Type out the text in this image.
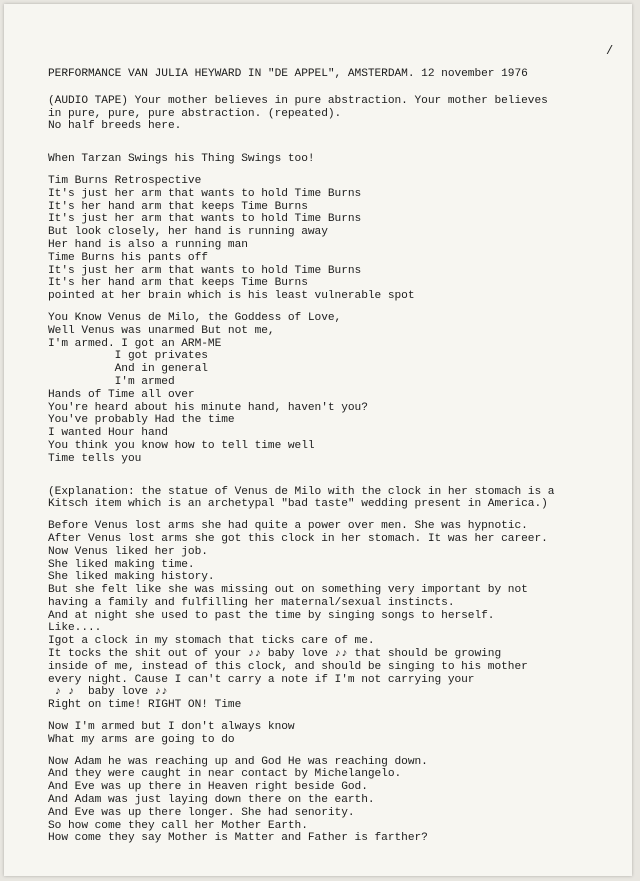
/
PERFORMANCE VAN JULIA HEYWARD IN "DE APPEL", AMSTERDAM. 12 november 1976
(AUDIO TAPE) Your mother believes in pure abstraction. Your mother believes
in pure, pure, pure abstraction. (repeated).
No half breeds here.
When Tarzan Swings his Thing Swings too!
Tim Burns Retrospective
It's just her arm that wants to hold Time Burns
It's her hand arm that keeps Time Burns
It's just her arm that wants to hold Time Burns
But look closely, her hand is running away
Her hand is also a running man
Time Burns his pants off
It's just her arm that wants to hold Time Burns
It's her hand arm that keeps Time Burns
pointed at her brain which is his least vulnerable spot
You Know Venus de Milo, the Goddess of Love,
Well Venus was unarmed But not me,
I'm armed. I got an ARM-ME
I got privates
And in general
I'm armed
Hands of Time all over
You're heard about his minute hand, haven't you?
You've probably Had the time
I wanted Hour hand
You think you know how to tell time well
Time tells you
(Explanation: the statue of Venus de Milo with the clock in her stomach is a
Kitsch item which is an archetypal "bad taste" wedding present in America.)
Before Venus lost arms she had quite a power over men. She was hypnotic.
After Venus lost arms she got this clock in her stomach. It was her career.
Now Venus liked her job.
She liked making time.
She liked making history.
But she felt like she was missing out on something very important by not
having a family and fulfilling her maternal/sexual instincts.
And at night she used to past the time by singing songs to herself.
Like....
Igot a clock in my stomach that ticks care of me.
It tocks the shit out of your ♪♪ baby love ♪♪ that should be growing
inside of me, instead of this clock, and should be singing to his mother
every night. Cause I can't carry a note if I'm not carrying your
♪ ♪  baby love ♪♪
Right on time! RIGHT ON! Time
Now I'm armed but I don't always know
What my arms are going to do
Now Adam he was reaching up and God He was reaching down.
And they were caught in near contact by Michelangelo.
And Eve was up there in Heaven right beside God.
And Adam was just laying down there on the earth.
And Eve was up there longer. She had senority.
So how come they call her Mother Earth.
How come they say Mother is Matter and Father is farther?
